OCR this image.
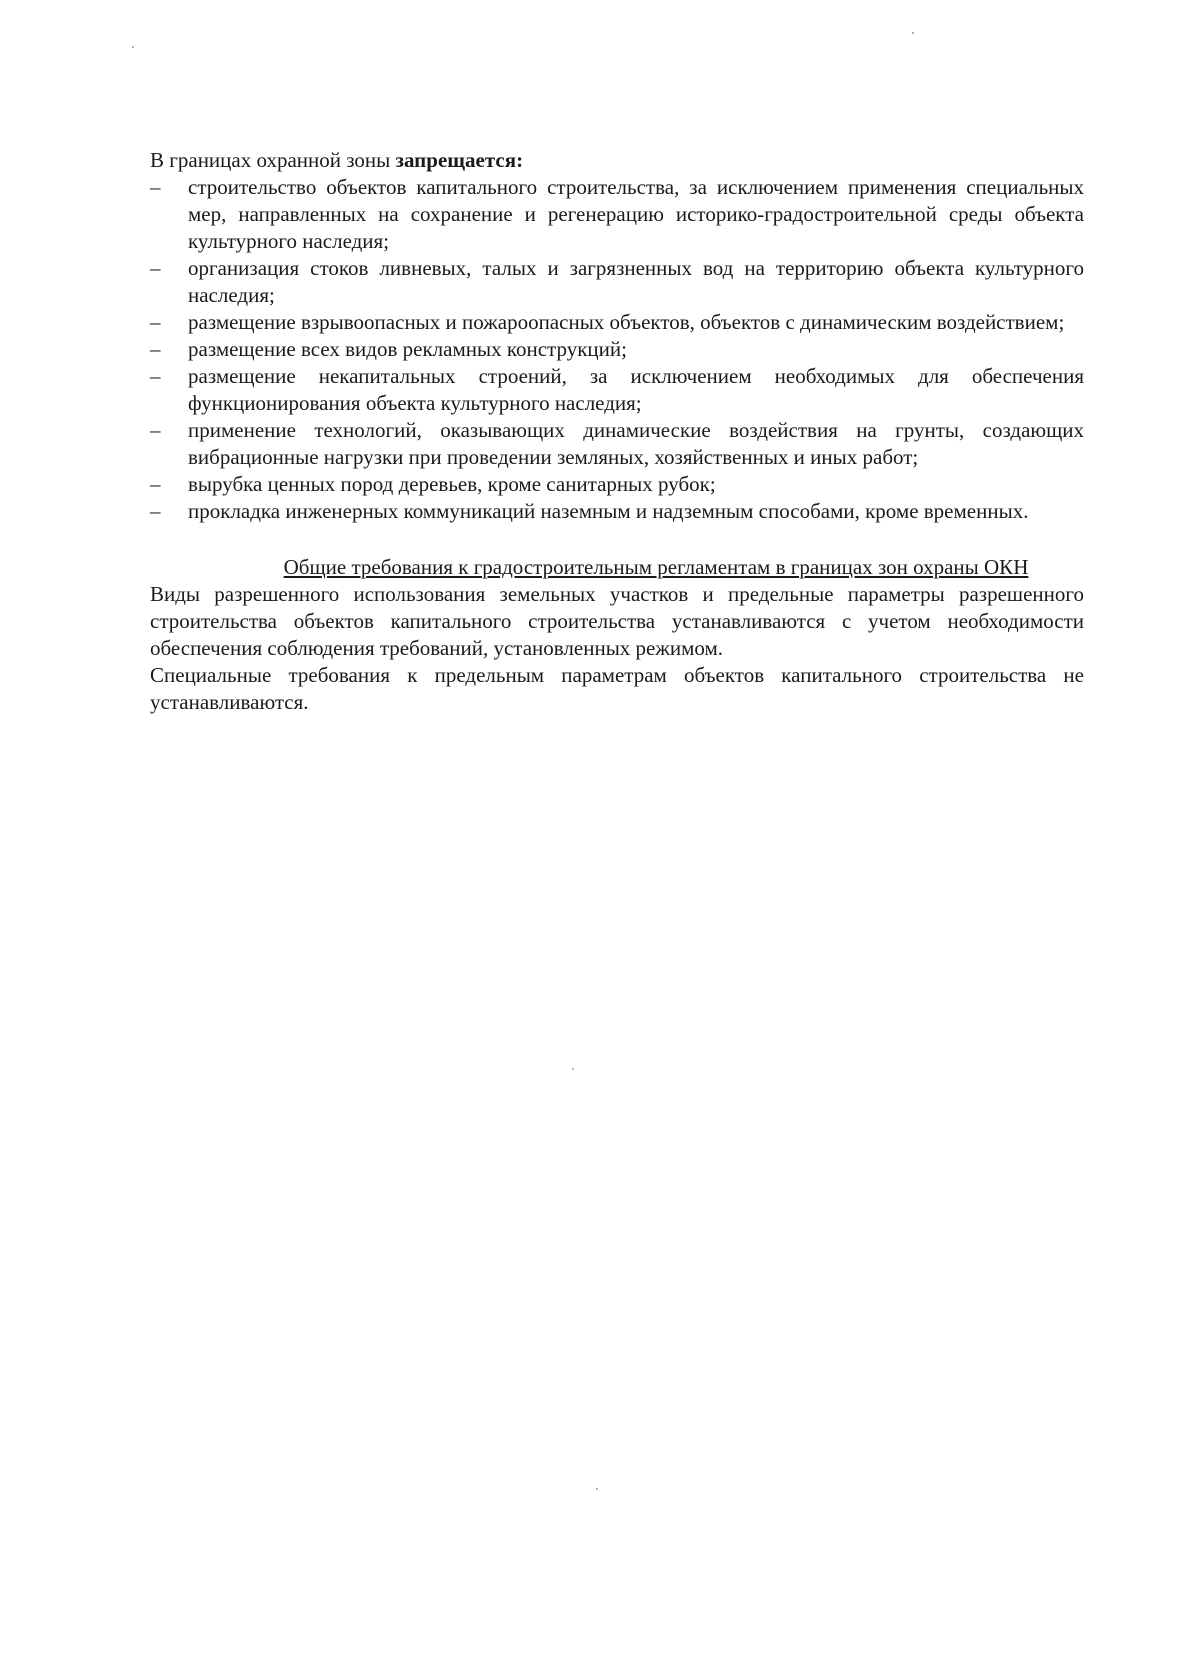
В границах охранной зоны запрещается:

– строительство объектов капитального строительства, за исключением применения специальных мер, направленных на сохранение и регенерацию историко-градостроительной среды объекта культурного наследия;
– организация стоков ливневых, талых и загрязненных вод на территорию объекта культурного наследия;
– размещение взрывоопасных и пожароопасных объектов, объектов с динамическим воздействием;
– размещение всех видов рекламных конструкций;
– размещение некапитальных строений, за исключением необходимых для обеспечения функционирования объекта культурного наследия;
– применение технологий, оказывающих динамические воздействия на грунты, создающих вибрационные нагрузки при проведении земляных, хозяйственных и иных работ;
– вырубка ценных пород деревьев, кроме санитарных рубок;
– прокладка инженерных коммуникаций наземным и надземным способами, кроме временных.

Общие требования к градостроительным регламентам в границах зон охраны ОКН

Виды разрешенного использования земельных участков и предельные параметры разрешенного строительства объектов капитального строительства устанавливаются с учетом необходимости обеспечения соблюдения требований, установленных режимом.

Специальные требования к предельным параметрам объектов капитального строительства не устанавливаются.
